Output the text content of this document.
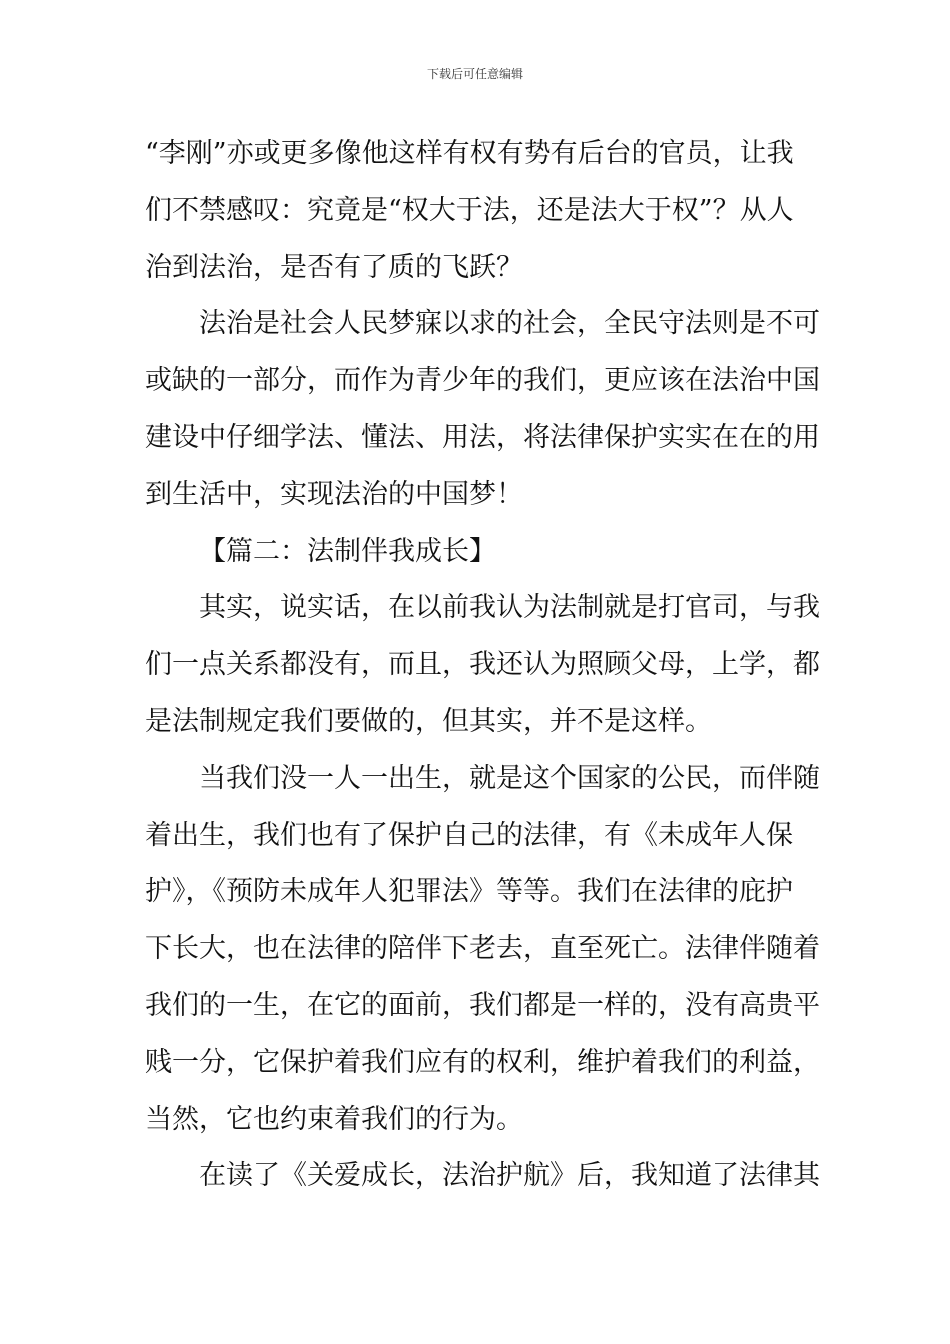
下载后可任意编辑
“李刚”亦或更多像他这样有权有势有后台的官员，让我
们不禁感叹：究竟是“权大于法，还是法大于权”？从人
治到法治，是否有了质的飞跃？
法治是社会人民梦寐以求的社会，全民守法则是不可
或缺的一部分，而作为青少年的我们，更应该在法治中国
建设中仔细学法、懂法、用法，将法律保护实实在在的用
到生活中，实现法治的中国梦！
【篇二：法制伴我成长】
其实，说实话，在以前我认为法制就是打官司，与我
们一点关系都没有，而且，我还认为照顾父母，上学，都
是法制规定我们要做的，但其实，并不是这样。
当我们没一人一出生，就是这个国家的公民，而伴随
着出生，我们也有了保护自己的法律，有《未成年人保
护》，《预防未成年人犯罪法》等等。我们在法律的庇护
下长大，也在法律的陪伴下老去，直至死亡。法律伴随着
我们的一生，在它的面前，我们都是一样的，没有高贵平
贱一分，它保护着我们应有的权利，维护着我们的利益，
当然，它也约束着我们的行为。
在读了《关爱成长，法治护航》后，我知道了法律其
